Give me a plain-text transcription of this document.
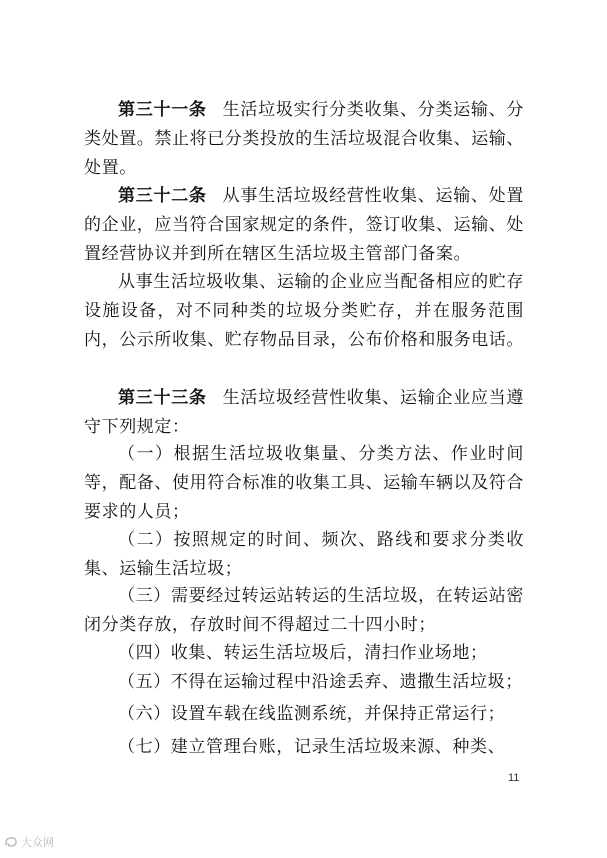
第三十一条 生活垃圾实行分类收集、分类运输、分类处置。禁止将已分类投放的生活垃圾混合收集、运输、处置。

第三十二条 从事生活垃圾经营性收集、运输、处置的企业，应当符合国家规定的条件，签订收集、运输、处置经营协议并到所在辖区生活垃圾主管部门备案。

从事生活垃圾收集、运输的企业应当配备相应的贮存设施设备，对不同种类的垃圾分类贮存，并在服务范围内，公示所收集、贮存物品目录，公布价格和服务电话。

第三十三条 生活垃圾经营性收集、运输企业应当遵守下列规定：

（一）根据生活垃圾收集量、分类方法、作业时间等，配备、使用符合标准的收集工具、运输车辆以及符合要求的人员；

（二）按照规定的时间、频次、路线和要求分类收集、运输生活垃圾；

（三）需要经过转运站转运的生活垃圾，在转运站密闭分类存放，存放时间不得超过二十四小时；

（四）收集、转运生活垃圾后，清扫作业场地；

（五）不得在运输过程中沿途丢弃、遗撒生活垃圾；

（六）设置车载在线监测系统，并保持正常运行；

（七）建立管理台账，记录生活垃圾来源、种类、

11
大众网
